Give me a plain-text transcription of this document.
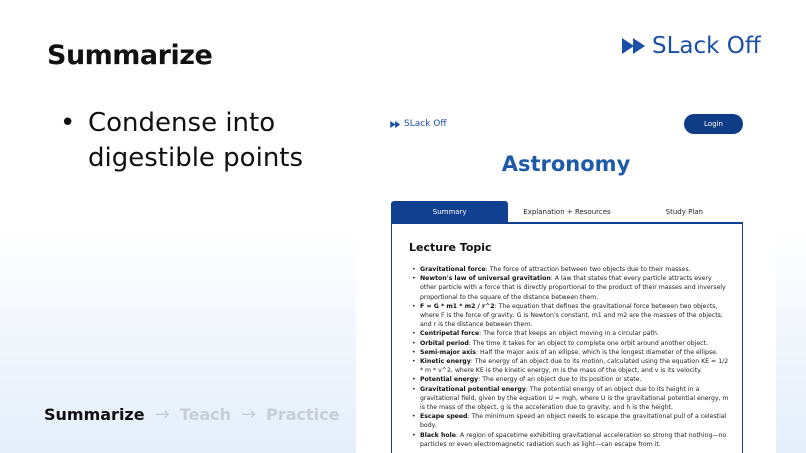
Summarize	SLack Off
• Condense into digestible points
Summarize → Teach → Practice
SLack Off	Login
Astronomy
Summary	Explanation + Resources	Study Plan
Lecture Topic
• Gravitational force: The force of attraction between two objects due to their masses.
• Newton's law of universal gravitation: A law that states that every particle attracts every other particle with a force that is directly proportional to the product of their masses and inversely proportional to the square of the distance between them.
• F = G * m1 * m2 / r^2: The equation that defines the gravitational force between two objects, where F is the force of gravity, G is Newton's constant, m1 and m2 are the masses of the objects, and r is the distance between them.
• Centripetal force: The force that keeps an object moving in a circular path.
• Orbital period: The time it takes for an object to complete one orbit around another object.
• Semi-major axis: Half the major axis of an ellipse, which is the longest diameter of the ellipse.
• Kinetic energy: The energy of an object due to its motion, calculated using the equation KE = 1/2 * m * v^2, where KE is the kinetic energy, m is the mass of the object, and v is its velocity.
• Potential energy: The energy of an object due to its position or state.
• Gravitational potential energy: The potential energy of an object due to its height in a gravitational field, given by the equation U = mgh, where U is the gravitational potential energy, m is the mass of the object, g is the acceleration due to gravity, and h is the height.
• Escape speed: The minimum speed an object needs to escape the gravitational pull of a celestial body.
• Black hole: A region of spacetime exhibiting gravitational acceleration so strong that nothing—no particles or even electromagnetic radiation such as light—can escape from it.
